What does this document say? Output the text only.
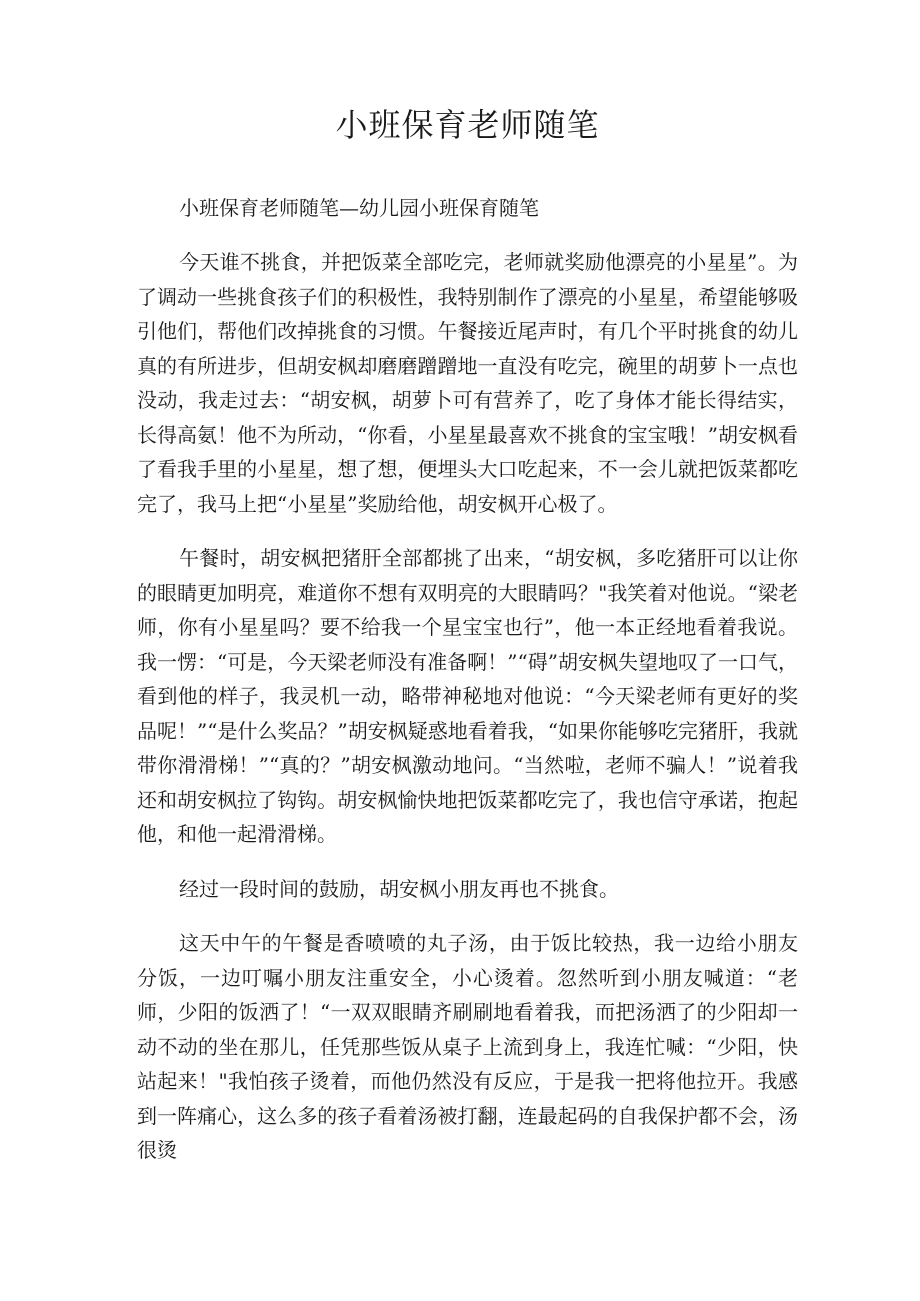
小班保育老师随笔

小班保育老师随笔—幼儿园小班保育随笔

今天谁不挑食，并把饭菜全部吃完，老师就奖励他漂亮的小星星”。为了调动一些挑食孩子们的积极性，我特别制作了漂亮的小星星，希望能够吸引他们，帮他们改掉挑食的习惯。午餐接近尾声时，有几个平时挑食的幼儿真的有所进步，但胡安枫却磨磨蹭蹭地一直没有吃完，碗里的胡萝卜一点也没动，我走过去：“胡安枫，胡萝卜可有营养了，吃了身体才能长得结实，长得高氨！他不为所动，“你看，小星星最喜欢不挑食的宝宝哦！”胡安枫看了看我手里的小星星，想了想，便埋头大口吃起来，不一会儿就把饭菜都吃完了，我马上把“小星星”奖励给他，胡安枫开心极了。

午餐时，胡安枫把猪肝全部都挑了出来，“胡安枫，多吃猪肝可以让你的眼睛更加明亮，难道你不想有双明亮的大眼睛吗？"我笑着对他说。“梁老师，你有小星星吗？要不给我一个星宝宝也行”，他一本正经地看着我说。我一愣：“可是，今天梁老师没有准备啊！”“碍”胡安枫失望地叹了一口气，看到他的样子，我灵机一动，略带神秘地对他说：“今天梁老师有更好的奖品呢！”“是什么奖品？”胡安枫疑惑地看着我，“如果你能够吃完猪肝，我就带你滑滑梯！”“真的？”胡安枫激动地问。“当然啦，老师不骗人！”说着我还和胡安枫拉了钩钩。胡安枫愉快地把饭菜都吃完了，我也信守承诺，抱起他，和他一起滑滑梯。

经过一段时间的鼓励，胡安枫小朋友再也不挑食。

这天中午的午餐是香喷喷的丸子汤，由于饭比较热，我一边给小朋友分饭，一边叮嘱小朋友注重安全，小心烫着。忽然听到小朋友喊道：“老师，少阳的饭洒了！“一双双眼睛齐刷刷地看着我，而把汤洒了的少阳却一动不动的坐在那儿，任凭那些饭从桌子上流到身上，我连忙喊：“少阳，快站起来！"我怕孩子烫着，而他仍然没有反应，于是我一把将他拉开。我感到一阵痛心，这么多的孩子看着汤被打翻，连最起码的自我保护都不会，汤很烫
